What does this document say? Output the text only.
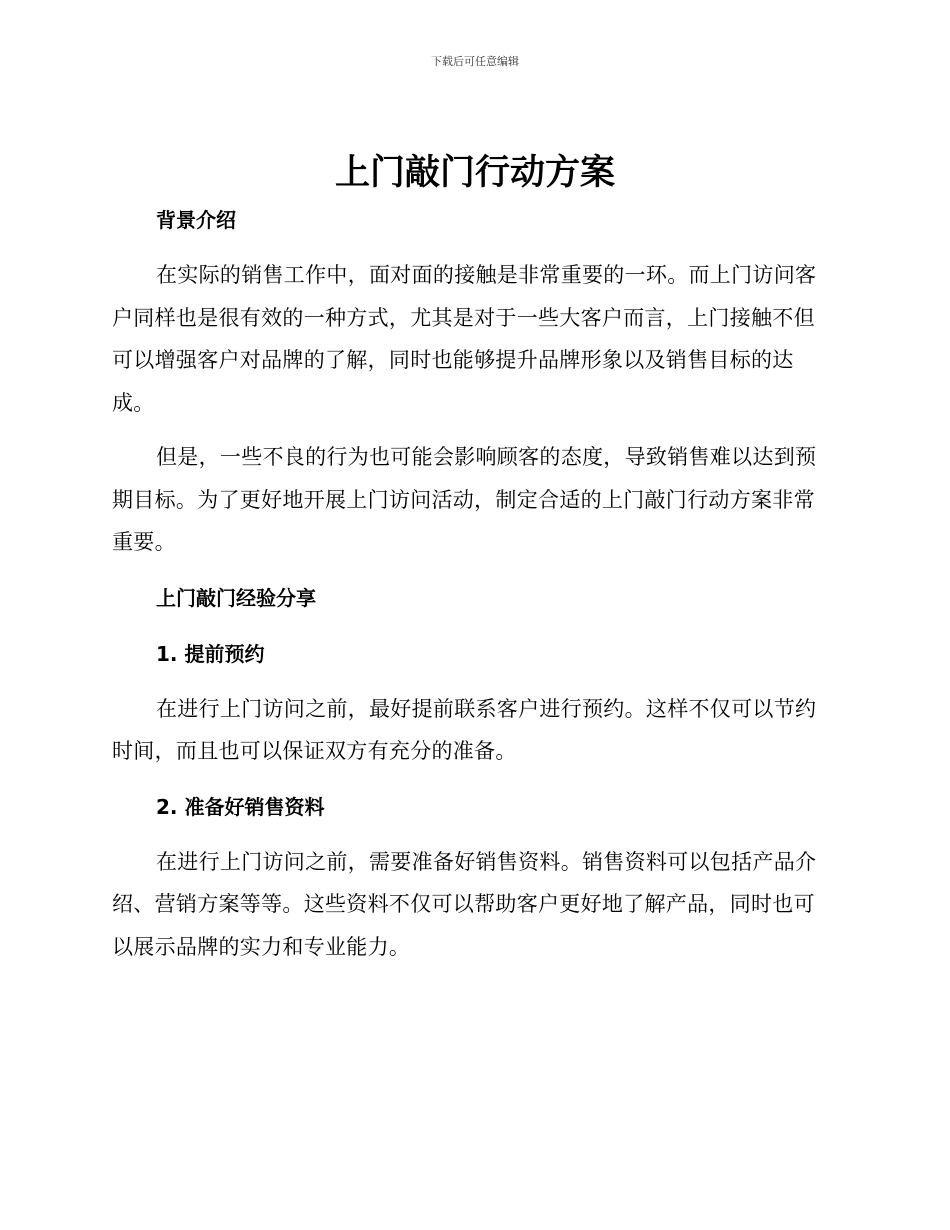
下载后可任意编辑
上门敲门行动方案
背景介绍

在实际的销售工作中，面对面的接触是非常重要的一环。而上门访问客户同样也是很有效的一种方式，尤其是对于一些大客户而言，上门接触不但可以增强客户对品牌的了解，同时也能够提升品牌形象以及销售目标的达成。

但是，一些不良的行为也可能会影响顾客的态度，导致销售难以达到预期目标。为了更好地开展上门访问活动，制定合适的上门敲门行动方案非常重要。

上门敲门经验分享
1. 提前预约

在进行上门访问之前，最好提前联系客户进行预约。这样不仅可以节约时间，而且也可以保证双方有充分的准备。

2. 准备好销售资料

在进行上门访问之前，需要准备好销售资料。销售资料可以包括产品介绍、营销方案等等。这些资料不仅可以帮助客户更好地了解产品，同时也可以展示品牌的实力和专业能力。
